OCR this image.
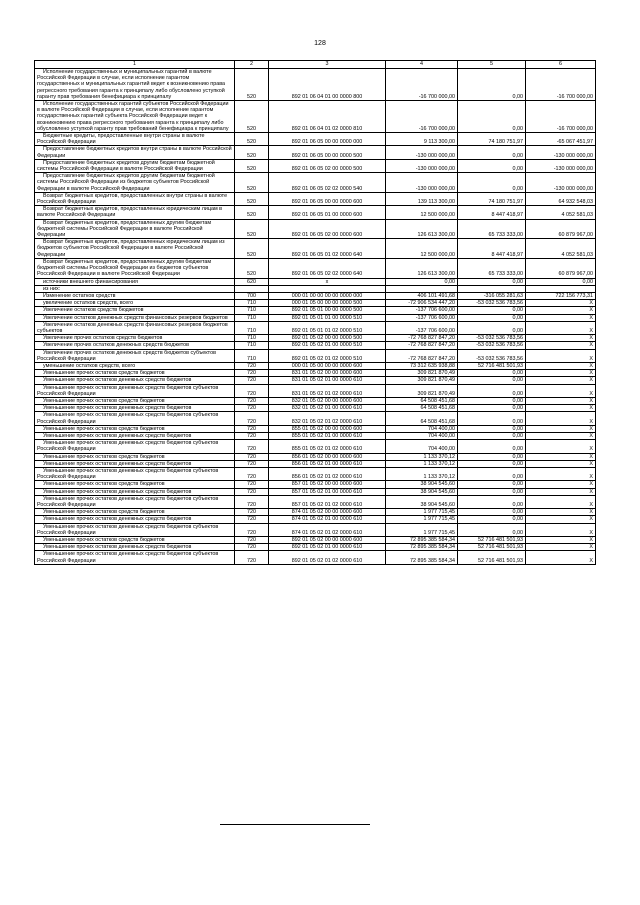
128
1	2	3	4	5	6
Исполнение государственных и муниципальных гарантий в валюте Российской Федерации в случае, если исполнение гарантом государственных и муниципальных гарантий ведет к возникновению права регрессного требования гаранта к принципалу либо обусловлено уступкой гаранту прав требования бенефициара к принципалу	520	892 01 06 04 01 00 0000 800	-16 700 000,00	0,00	-16 700 000,00
Исполнение государственных гарантий субъектов Российской Федерации в валюте Российской Федерации в случае, если исполнение гарантом государственных гарантий субъекта Российской Федерации ведет к возникновению права регрессного требования гаранта к принципалу либо обусловлено уступкой гаранту прав требований бенефициара к принципалу	520	892 01 06 04 01 02 0000 810	-16 700 000,00	0,00	-16 700 000,00
Бюджетные кредиты, предоставленные внутри страны в валюте Российской Федерации	520	892 01 06 05 00 00 0000 000	9 113 300,00	74 180 751,97	-65 067 451,97
Предоставление бюджетных кредитов внутри страны в валюте Российской Федерации	520	892 01 06 05 00 00 0000 500	-130 000 000,00	0,00	-130 000 000,00
Предоставление бюджетных кредитов другим бюджетам бюджетной системы Российской Федерации в валюте Российской Федерации	520	892 01 06 05 02 00 0000 500	-130 000 000,00	0,00	-130 000 000,00
Предоставление бюджетных кредитов другим бюджетам бюджетной системы Российской Федерации из бюджетов субъектов Российской Федерации в валюте Российской Федерации	520	892 01 06 05 02 02 0000 540	-130 000 000,00	0,00	-130 000 000,00
Возврат бюджетных кредитов, предоставленных внутри страны в валюте Российской Федерации	520	892 01 06 05 00 00 0000 600	139 113 300,00	74 180 751,97	64 932 548,03
Возврат бюджетных кредитов, предоставленных юридическим лицам в валюте Российской Федерации	520	892 01 06 05 01 00 0000 600	12 500 000,00	8 447 418,97	4 052 581,03
Возврат бюджетных кредитов, предоставленных другим бюджетам бюджетной системы Российской Федерации в валюте Российской Федерации	520	892 01 06 05 02 00 0000 600	126 613 300,00	65 733 333,00	60 879 967,00
Возврат бюджетных кредитов, предоставленных юридическим лицам из бюджетов субъектов Российской Федерации в валюте Российской Федерации	520	892 01 06 05 01 02 0000 640	12 500 000,00	8 447 418,97	4 052 581,03
Возврат бюджетных кредитов, предоставленных другим бюджетам бюджетной системы Российской Федерации из бюджетов субъектов Российской Федерации в валюте Российской Федерации	520	892 01 06 05 02 02 0000 640	126 613 300,00	65 733 333,00	60 879 967,00
источники внешнего финансирования	620	x	0,00	0,00	0,00
из них:					
Изменение остатков средств	700	000 01 00 00 00 00 0000 000	406 101 491,68	-316 055 281,63	722 156 773,31
увеличение остатков средств, всего	710	000 01 05 00 00 00 0000 500	-72 906 534 447,20	-53 032 536 783,56	X
Увеличение остатков средств бюджетов	710	892 01 05 01 00 00 0000 500	-137 706 600,00	0,00	X
Увеличение остатков денежных средств финансовых резервов бюджетов	710	892 01 05 01 01 00 0000 510	-137 706 600,00	0,00	X
Увеличение остатков денежных средств финансовых резервов бюджетов субъектов	710	892 01 05 01 01 02 0000 510	-137 706 600,00	0,00	X
Увеличение прочих остатков средств бюджетов	710	892 01 05 02 00 00 0000 500	-72 768 827 847,20	-53 032 536 783,56	X
Увеличение прочих остатков денежных средств бюджетов	710	892 01 05 02 01 00 0000 510	-72 768 827 847,20	-53 032 536 783,56	X
Увеличение прочих остатков денежных средств бюджетов субъектов Российской Федерации	710	892 01 05 02 01 02 0000 510	-72 768 827 847,20	-53 032 536 783,56	X
уменьшение остатков средств, всего	720	000 01 05 00 00 00 0000 600	73 312 635 938,88	52 716 481 501,93	X
Уменьшение прочих остатков средств бюджетов	720	831 01 05 02 00 00 0000 600	309 821 870,49	0,00	X
Уменьшение прочих остатков денежных средств бюджетов	720	831 01 05 02 01 00 0000 610	309 821 870,49	0,00	X
Уменьшение прочих остатков денежных средств бюджетов субъектов Российской Федерации	720	831 01 05 02 01 02 0000 610	309 821 870,49	0,00	X
Уменьшение прочих остатков средств бюджетов	720	832 01 05 02 00 00 0000 600	64 508 451,68	0,00	X
Уменьшение прочих остатков денежных средств бюджетов	720	832 01 05 02 01 00 0000 610	64 508 451,68	0,00	X
Уменьшение прочих остатков денежных средств бюджетов субъектов Российской Федерации	720	832 01 05 02 01 02 0000 610	64 508 451,68	0,00	X
Уменьшение прочих остатков средств бюджетов	720	855 01 05 02 00 00 0000 600	704 400,00	0,00	X
Уменьшение прочих остатков денежных средств бюджетов	720	855 01 05 02 01 00 0000 610	704 400,00	0,00	X
Уменьшение прочих остатков денежных средств бюджетов субъектов Российской Федерации	720	855 01 05 02 01 02 0000 610	704 400,00	0,00	X
Уменьшение прочих остатков средств бюджетов	720	856 01 05 02 00 00 0000 600	1 133 370,12	0,00	X
Уменьшение прочих остатков денежных средств бюджетов	720	856 01 05 02 01 00 0000 610	1 133 370,12	0,00	X
Уменьшение прочих остатков денежных средств бюджетов субъектов Российской Федерации	720	856 01 05 02 01 02 0000 610	1 133 370,12	0,00	X
Уменьшение прочих остатков средств бюджетов	720	857 01 05 02 00 00 0000 600	38 904 545,60	0,00	X
Уменьшение прочих остатков денежных средств бюджетов	720	857 01 05 02 01 00 0000 610	38 904 545,60	0,00	X
Уменьшение прочих остатков денежных средств бюджетов субъектов Российской Федерации	720	857 01 05 02 01 02 0000 610	38 904 545,60	0,00	X
Уменьшение прочих остатков средств бюджетов	720	874 01 05 02 00 00 0000 600	1 977 715,45	0,00	X
Уменьшение прочих остатков денежных средств бюджетов	720	874 01 05 02 01 00 0000 610	1 977 715,45	0,00	X
Уменьшение прочих остатков денежных средств бюджетов субъектов Российской Федерации	720	874 01 05 02 01 02 0000 610	1 977 715,45	0,00	X
Уменьшение прочих остатков средств бюджетов	720	892 01 05 02 00 00 0000 600	72 895 385 584,34	52 716 481 501,93	X
Уменьшение прочих остатков денежных средств бюджетов	720	892 01 05 02 01 00 0000 610	72 895 385 584,34	52 716 481 501,93	X
Уменьшение прочих остатков денежных средств бюджетов субъектов Российской Федерации	720	892 01 05 02 01 02 0000 610	72 895 385 584,34	52 716 481 501,93	X
